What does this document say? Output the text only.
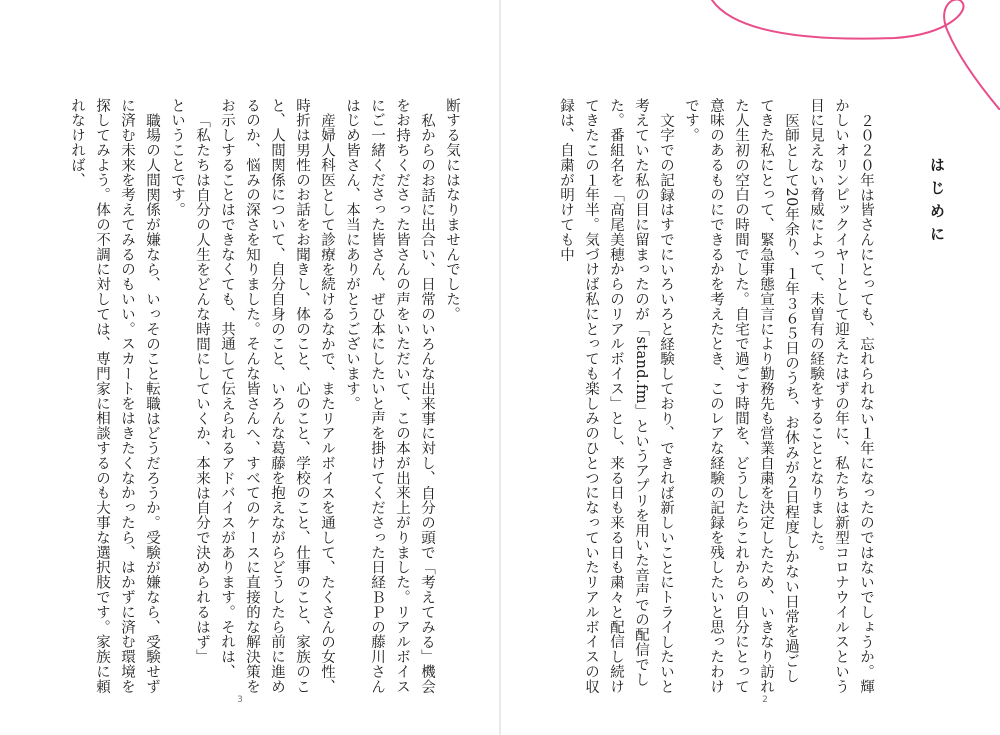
断する気にはなりませんでした。

私からのお話に出合い、日常のいろんな出来事に対し、自分の頭で「考えてみる」機会をお持ちくださった皆さんの声をいただいて、この本が出来上がりました。リアルボイスにご一緒くださった皆さん、ぜひ本にしたいと声を掛けてくださった日経ＢＰの藤川さんはじめ皆さん、本当にありがとうございます。

産婦人科医として診療を続けるなかで、またリアルボイスを通して、たくさんの女性、時折は男性のお話をお聞きし、体のこと、心のこと、学校のこと、仕事のこと、家族のこと、人間関係について、自分自身のこと、いろんな葛藤を抱えながらどうしたら前に進めるのか、悩みの深さを知りました。そんな皆さんへ、すべてのケースに直接的な解決策をお示しすることはできなくても、共通して伝えられるアドバイスがあります。それは、

「私たちは自分の人生をどんな時間にしていくか、本来は自分で決められるはず」

ということです。

職場の人間関係が嫌なら、いっそのこと転職はどうだろうか。受験が嫌なら、受験せずに済む未来を考えてみるのもいい。スカートをはきたくなかったら、はかずに済む環境を探してみよう。体の不調に対しては、専門家に相談するのも大事な選択肢です。家族に頼れなければ、

3
はじめに

２０２０年は皆さんにとっても、忘れられない１年になったのではないでしょうか。輝かしいオリンピックイヤーとして迎えたはずの年に、私たちは新型コロナウイルスという目に見えない脅威によって、未曽有の経験をすることとなりました。

医師として20年余り、１年３６５日のうち、お休みが２日程度しかない日常を過ごしてきた私にとって、緊急事態宣言により勤務先も営業自粛を決定したため、いきなり訪れた人生初の空白の時間でした。自宅で過ごす時間を、どうしたらこれからの自分にとって意味のあるものにできるかを考えたとき、このレアな経験の記録を残したいと思ったわけです。

文字での記録はすでにいろいろと経験しており、できれば新しいことにトライしたいと考えていた私の目に留まったのが「stand.fm」というアプリを用いた音声での配信でした。番組名を「高尾美穂からのリアルボイス」とし、来る日も来る日も粛々と配信し続けてきたこの１年半。気づけば私にとっても楽しみのひとつになっていたリアルボイスの収録は、自粛が明けても中

2
